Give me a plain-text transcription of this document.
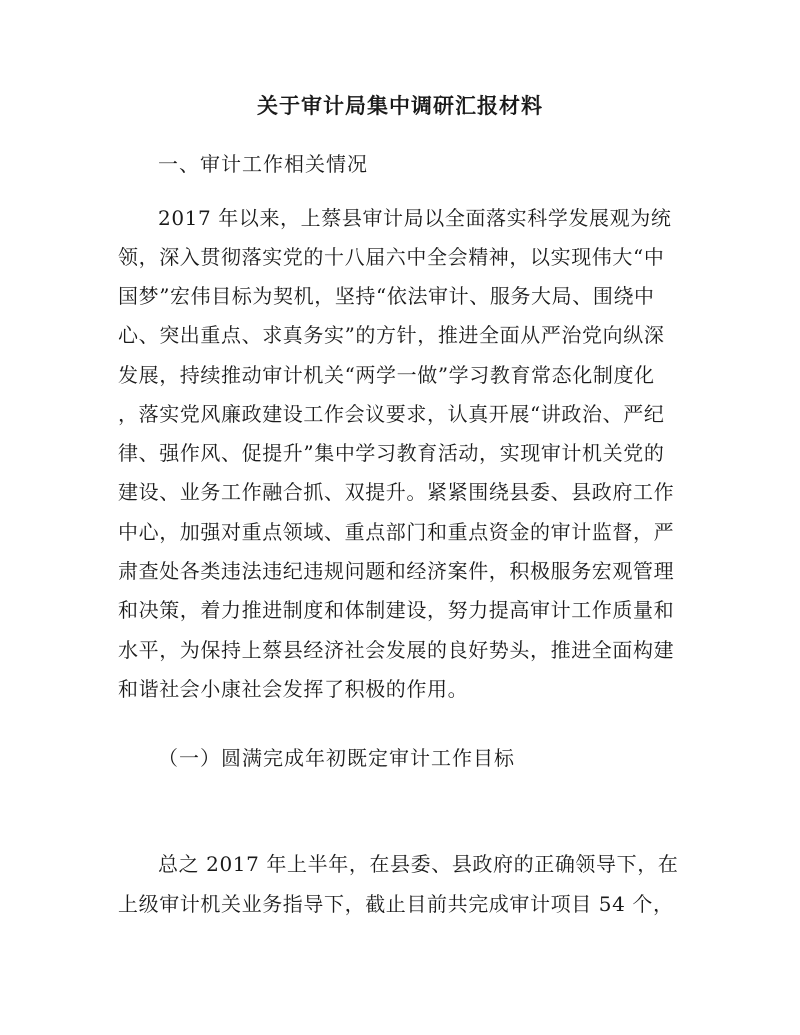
关于审计局集中调研汇报材料
一、审计工作相关情况
2017 年以来，上蔡县审计局以全面落实科学发展观为统
领，深入贯彻落实党的十八届六中全会精神，以实现伟大“中
国梦”宏伟目标为契机，坚持“依法审计、服务大局、围绕中
心、突出重点、求真务实”的方针，推进全面从严治党向纵深
发展，持续推动审计机关“两学一做”学习教育常态化制度化
，落实党风廉政建设工作会议要求，认真开展“讲政治、严纪
律、强作风、促提升”集中学习教育活动，实现审计机关党的
建设、业务工作融合抓、双提升。紧紧围绕县委、县政府工作
中心，加强对重点领域、重点部门和重点资金的审计监督，严
肃查处各类违法违纪违规问题和经济案件，积极服务宏观管理
和决策，着力推进制度和体制建设，努力提高审计工作质量和
水平，为保持上蔡县经济社会发展的良好势头，推进全面构建
和谐社会小康社会发挥了积极的作用。
（一）圆满完成年初既定审计工作目标
总之 2017 年上半年，在县委、县政府的正确领导下，在
上级审计机关业务指导下，截止目前共完成审计项目 54 个，
